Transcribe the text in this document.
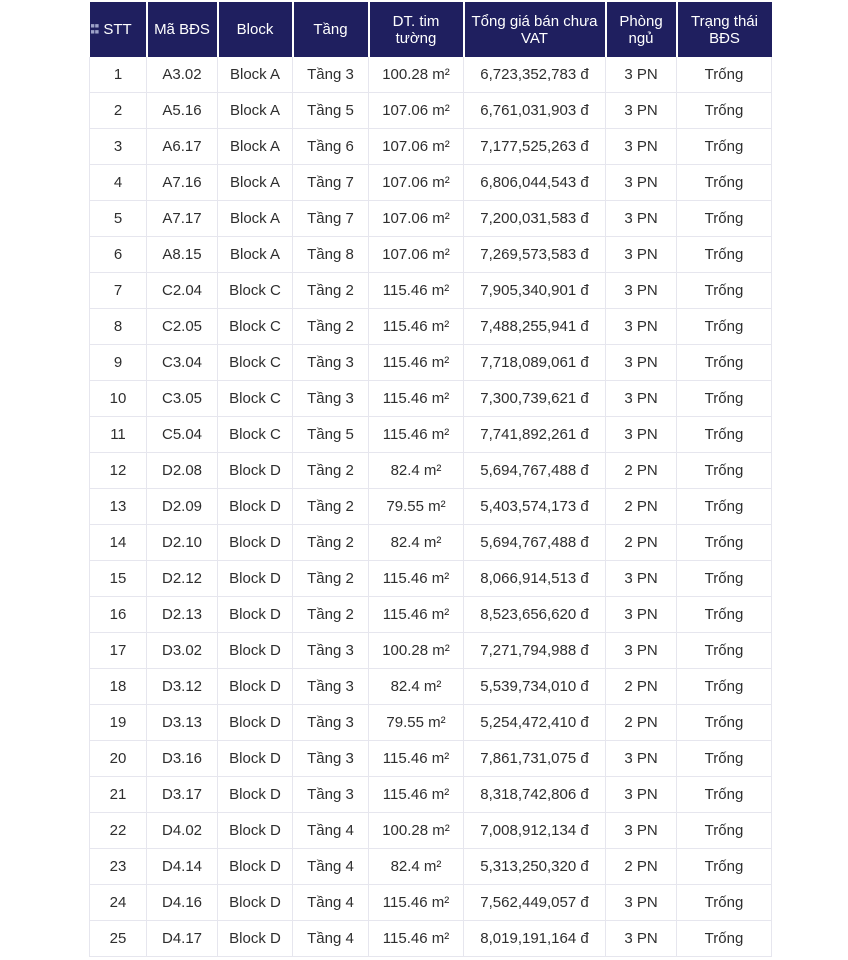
■■
■■ STT	Mã BĐS	Block	Tầng	DT. tim tường	Tổng giá bán chưa VAT	Phòng ngủ	Trạng thái BĐS
1	A3.02	Block A	Tầng 3	100.28 m²	6,723,352,783 đ	3 PN	Trống
2	A5.16	Block A	Tầng 5	107.06 m²	6,761,031,903 đ	3 PN	Trống
3	A6.17	Block A	Tầng 6	107.06 m²	7,177,525,263 đ	3 PN	Trống
4	A7.16	Block A	Tầng 7	107.06 m²	6,806,044,543 đ	3 PN	Trống
5	A7.17	Block A	Tầng 7	107.06 m²	7,200,031,583 đ	3 PN	Trống
6	A8.15	Block A	Tầng 8	107.06 m²	7,269,573,583 đ	3 PN	Trống
7	C2.04	Block C	Tầng 2	115.46 m²	7,905,340,901 đ	3 PN	Trống
8	C2.05	Block C	Tầng 2	115.46 m²	7,488,255,941 đ	3 PN	Trống
9	C3.04	Block C	Tầng 3	115.46 m²	7,718,089,061 đ	3 PN	Trống
10	C3.05	Block C	Tầng 3	115.46 m²	7,300,739,621 đ	3 PN	Trống
11	C5.04	Block C	Tầng 5	115.46 m²	7,741,892,261 đ	3 PN	Trống
12	D2.08	Block D	Tầng 2	82.4 m²	5,694,767,488 đ	2 PN	Trống
13	D2.09	Block D	Tầng 2	79.55 m²	5,403,574,173 đ	2 PN	Trống
14	D2.10	Block D	Tầng 2	82.4 m²	5,694,767,488 đ	2 PN	Trống
15	D2.12	Block D	Tầng 2	115.46 m²	8,066,914,513 đ	3 PN	Trống
16	D2.13	Block D	Tầng 2	115.46 m²	8,523,656,620 đ	3 PN	Trống
17	D3.02	Block D	Tầng 3	100.28 m²	7,271,794,988 đ	3 PN	Trống
18	D3.12	Block D	Tầng 3	82.4 m²	5,539,734,010 đ	2 PN	Trống
19	D3.13	Block D	Tầng 3	79.55 m²	5,254,472,410 đ	2 PN	Trống
20	D3.16	Block D	Tầng 3	115.46 m²	7,861,731,075 đ	3 PN	Trống
21	D3.17	Block D	Tầng 3	115.46 m²	8,318,742,806 đ	3 PN	Trống
22	D4.02	Block D	Tầng 4	100.28 m²	7,008,912,134 đ	3 PN	Trống
23	D4.14	Block D	Tầng 4	82.4 m²	5,313,250,320 đ	2 PN	Trống
24	D4.16	Block D	Tầng 4	115.46 m²	7,562,449,057 đ	3 PN	Trống
25	D4.17	Block D	Tầng 4	115.46 m²	8,019,191,164 đ	3 PN	Trống
